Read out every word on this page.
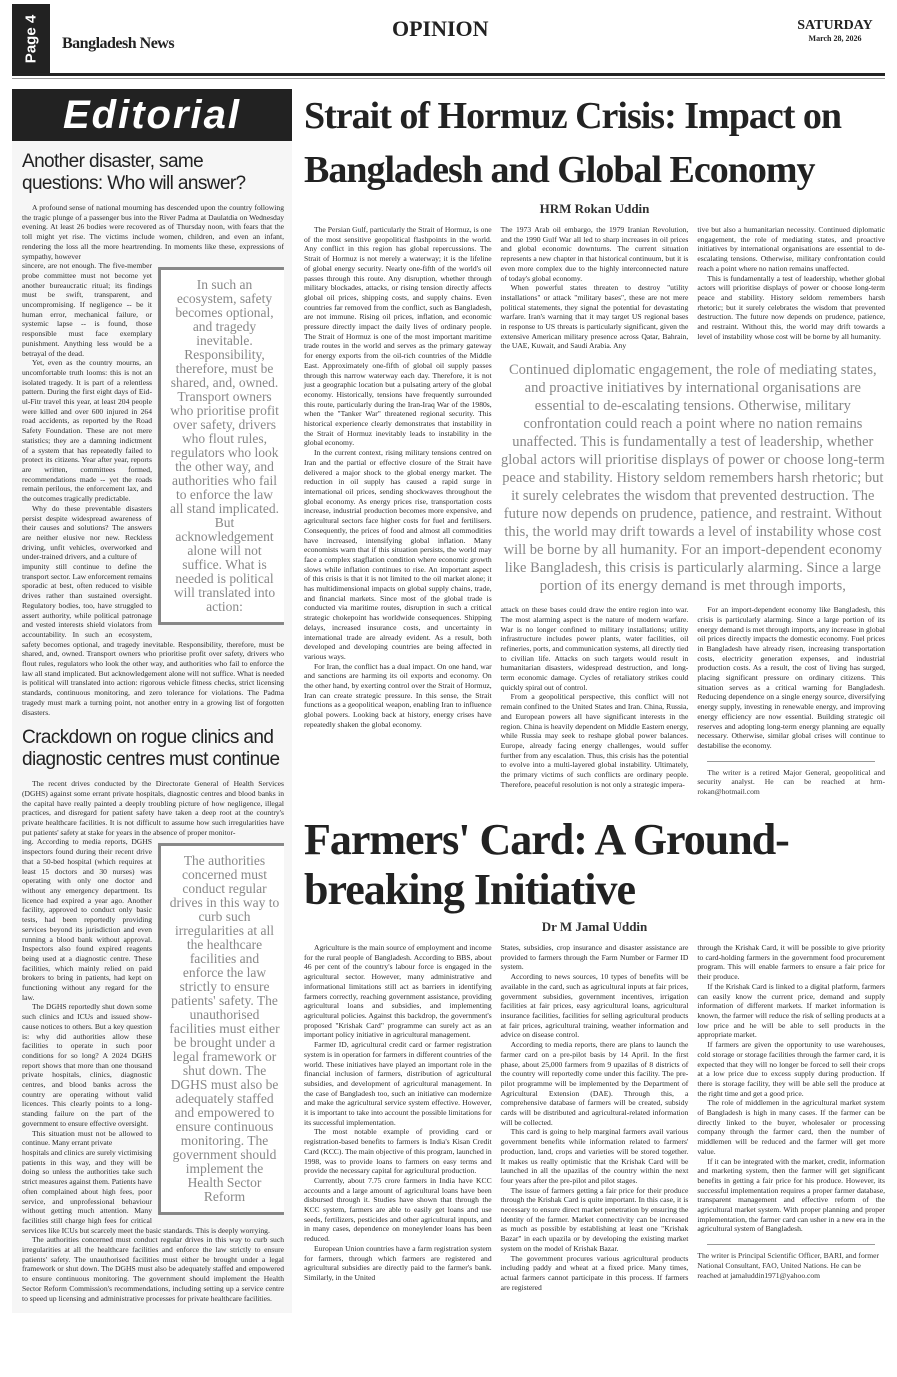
Page 4 Bangladesh News
OPINION	SATURDAY
March 28, 2026
Editorial
Another disaster, same questions: Who will answer?

A profound sense of national mourning has descended upon the country following the tragic plunge of a passenger bus into the River Padma at Daulatdia on Wednesday evening. At least 26 bodies were recovered as of Thursday noon, with fears that the toll might yet rise. The victims include women, children, and even an infant, rendering the loss all the more heartrending. In moments like these, expressions of sympathy, however

In such an ecosystem, safety becomes optional, and tragedy inevitable. Responsibility, therefore, must be shared, and, owned. Transport owners who prioritise profit over safety, drivers who flout rules, regulators who look the other way, and authorities who fail to enforce the law all stand implicated. But acknowledgement alone will not suffice. What is needed is political will translated into action:

sincere, are not enough. The five-member probe committee must not become yet another bureaucratic ritual; its findings must be swift, transparent, and uncompromising. If negligence -- be it human error, mechanical failure, or systemic lapse -- is found, those responsible must face exemplary punishment. Anything less would be a betrayal of the dead.

Yet, even as the country mourns, an uncomfortable truth looms: this is not an isolated tragedy. It is part of a relentless pattern. During the first eight days of Eid-ul-Fitr travel this year, at least 204 people were killed and over 600 injured in 264 road accidents, as reported by the Road Safety Foundation. These are not mere statistics; they are a damning indictment of a system that has repeatedly failed to protect its citizens. Year after year, reports are written, committees formed, recommendations made -- yet the roads remain perilous, the enforcement lax, and the outcomes tragically predictable.

Why do these preventable disasters persist despite widespread awareness of their causes and solutions? The answers are neither elusive nor new. Reckless driving, unfit vehicles, overworked and under-trained drivers, and a culture of

impunity still continue to define the transport sector. Law enforcement remains sporadic at best, often reduced to visible drives rather than sustained oversight. Regulatory bodies, too, have struggled to assert authority, while political patronage and vested interests shield violators from accountability. In such an ecosystem, safety becomes optional, and tragedy inevitable. Responsibility, therefore, must be shared, and, owned. Transport owners who prioritise profit over safety, drivers who flout rules, regulators who look the other way, and authorities who fail to enforce the law all stand implicated. But acknowledgement alone will not suffice. What is needed is political will translated into action: rigorous vehicle fitness checks, strict licensing standards, continuous monitoring, and zero tolerance for violations. The Padma tragedy must mark a turning point, not another entry in a growing list of forgotten disasters.

Crackdown on rogue clinics and diagnostic centres must continue

The recent drives conducted by the Directorate General of Health Services (DGHS) against some errant private hospitals, diagnostic centres and blood banks in the capital have really painted a deeply troubling picture of how negligence, illegal practices, and disregard for patient safety have taken a deep root at the country's private healthcare facilities. It is not difficult to assume how such irregularities have put patients' safety at stake for years in the absence of proper monitor-

The authorities concerned must conduct regular drives in this way to curb such irregularities at all the healthcare facilities and enforce the law strictly to ensure patients' safety. The unauthorised facilities must either be brought under a legal framework or shut down. The DGHS must also be adequately staffed and empowered to ensure continuous monitoring. The government should implement the Health Sector Reform

ing. According to media reports, DGHS inspectors found during their recent drive that a 50-bed hospital (which requires at least 15 doctors and 30 nurses) was operating with only one doctor and without any emergency department. Its licence had expired a year ago. Another facility, approved to conduct only basic tests, had been reportedly providing services beyond its jurisdiction and even running a blood bank without approval. Inspectors also found expired reagents being used at a diagnostic centre. These facilities, which mainly relied on paid brokers to bring in patients, had kept on functioning without any regard for the law.

The DGHS reportedly shut down some such clinics and ICUs and issued show-cause notices to others. But a key question is: why did authorities allow these facilities to operate in such poor conditions for so long? A 2024 DGHS report shows that more than one thousand private hospitals, clinics, diagnostic centres, and blood banks across the country are operating without valid licences. This clearly points to a long-standing failure on the part of the government to ensure effective oversight.

This situation must not be allowed to continue. Many errant private

hospitals and clinics are surely victimising patients in this way, and they will be doing so unless the authorities take such strict measures against them. Patients have often complained about high fees, poor service, and unprofessional behaviour without getting much attention. Many facilities still charge high fees for critical services like ICUs but scarcely meet the basic standards. This is deeply worrying.

The authorities concerned must conduct regular drives in this way to curb such irregularities at all the healthcare facilities and enforce the law strictly to ensure patients' safety. The unauthorised facilities must either be brought under a legal framework or shut down. The DGHS must also be adequately staffed and empowered to ensure continuous monitoring. The government should implement the Health Sector Reform Commission's recommendations, including setting up a service centre to speed up licensing and administrative processes for private healthcare facilities.

Strait of Hormuz Crisis: Impact on Bangladesh and Global Economy
HRM Rokan Uddin

The Persian Gulf, particularly the Strait of Hormuz, is one of the most sensitive geopolitical flashpoints in the world. Any conflict in this region has global repercussions. The Strait of Hormuz is not merely a waterway; it is the lifeline of global energy security. Nearly one-fifth of the world's oil passes through this route. Any disruption, whether through military blockades, attacks, or rising tension directly affects global oil prices, shipping costs, and supply chains. Even countries far removed from the conflict, such as Bangladesh, are not immune. Rising oil prices, inflation, and economic pressure directly impact the daily lives of ordinary people. The Strait of Hormuz is one of the most important maritime trade routes in the world and serves as the primary gateway for energy exports from the oil-rich countries of the Middle East. Approximately one-fifth of global oil supply passes through this narrow waterway each day. Therefore, it is not just a geographic location but a pulsating artery of the global economy. Historically, tensions have frequently surrounded this route, particularly during the Iran-Iraq War of the 1980s, when the "Tanker War" threatened regional security. This historical experience clearly demonstrates that instability in the Strait of Hormuz inevitably leads to instability in the global economy.

In the current context, rising military tensions centred on Iran and the partial or effective closure of the Strait have delivered a major shock to the global energy market. The reduction in oil supply has caused a rapid surge in international oil prices, sending shockwaves throughout the global economy. As energy prices rise, transportation costs increase, industrial production becomes more expensive, and agricultural sectors face higher costs for fuel and fertilisers. Consequently, the prices of food and almost all commodities have increased, intensifying global inflation. Many economists warn that if this situation persists, the world may face a complex stagflation condition where economic growth slows while inflation continues to rise. An important aspect of this crisis is that it is not limited to the oil market alone; it has multidimensional impacts on global supply chains, trade, and financial markets. Since most of the global trade is conducted via maritime routes, disruption in such a critical strategic chokepoint has worldwide consequences. Shipping delays, increased insurance costs, and uncertainty in international trade are already evident. As a result, both developed and developing countries are being affected in various ways.

For Iran, the conflict has a dual impact. On one hand, war and sanctions are harming its oil exports and economy. On the other hand, by exerting control over the Strait of Hormuz, Iran can create strategic pressure. In this sense, the Strait functions as a geopolitical weapon, enabling Iran to influence global powers. Looking back at history, energy crises have repeatedly shaken the global economy.

The 1973 Arab oil embargo, the 1979 Iranian Revolution, and the 1990 Gulf War all led to sharp increases in oil prices and global economic downturns. The current situation represents a new chapter in that historical continuum, but it is even more complex due to the highly interconnected nature of today's global economy.

When powerful states threaten to destroy "utility installations" or attack "military bases", these are not mere political statements, they signal the potential for devastating warfare. Iran's warning that it may target US regional bases in response to US threats is particularly significant, given the extensive American military presence across Qatar, Bahrain, the UAE, Kuwait, and Saudi Arabia. Any

tive but also a humanitarian necessity. Continued diplomatic engagement, the role of mediating states, and proactive initiatives by international organisations are essential to de-escalating tensions. Otherwise, military confrontation could reach a point where no nation remains unaffected.

This is fundamentally a test of leadership, whether global actors will prioritise displays of power or choose long-term peace and stability. History seldom remembers harsh rhetoric; but it surely celebrates the wisdom that prevented destruction. The future now depends on prudence, patience, and restraint. Without this, the world may drift towards a level of instability whose cost will be borne by all humanity.

Continued diplomatic engagement, the role of mediating states, and proactive initiatives by international organisations are essential to de-escalating tensions. Otherwise, military confrontation could reach a point where no nation remains unaffected. This is fundamentally a test of leadership, whether global actors will prioritise displays of power or choose long-term peace and stability. History seldom remembers harsh rhetoric; but it surely celebrates the wisdom that prevented destruction. The future now depends on prudence, patience, and restraint. Without this, the world may drift towards a level of instability whose cost will be borne by all humanity. For an import-dependent economy like Bangladesh, this crisis is particularly alarming. Since a large portion of its energy demand is met through imports,

attack on these bases could draw the entire region into war. The most alarming aspect is the nature of modern warfare. War is no longer confined to military installations; utility infrastructure includes power plants, water facilities, oil refineries, ports, and communication systems, all directly tied to civilian life. Attacks on such targets would result in humanitarian disasters, widespread destruction, and long-term economic damage. Cycles of retaliatory strikes could quickly spiral out of control.

From a geopolitical perspective, this conflict will not remain confined to the United States and Iran. China, Russia, and European powers all have significant interests in the region. China is heavily dependent on Middle Eastern energy, while Russia may seek to reshape global power balances. Europe, already facing energy challenges, would suffer further from any escalation. Thus, this crisis has the potential to evolve into a multi-layered global instability. Ultimately, the primary victims of such conflicts are ordinary people. Therefore, peaceful resolution is not only a strategic impera-

For an import-dependent economy like Bangladesh, this crisis is particularly alarming. Since a large portion of its energy demand is met through imports, any increase in global oil prices directly impacts the domestic economy. Fuel prices in Bangladesh have already risen, increasing transportation costs, electricity generation expenses, and industrial production costs. As a result, the cost of living has surged, placing significant pressure on ordinary citizens. This situation serves as a critical warning for Bangladesh. Reducing dependence on a single energy source, diversifying energy supply, investing in renewable energy, and improving energy efficiency are now essential. Building strategic oil reserves and adopting long-term energy planning are equally necessary. Otherwise, similar global crises will continue to destabilise the economy.

The writer is a retired Major General, geopolitical and security analyst. He can be reached at hrm-rokan@hotmail.com

Farmers' Card: A Ground-breaking Initiative
Dr M Jamal Uddin

Agriculture is the main source of employment and income for the rural people of Bangladesh. According to BBS, about 46 per cent of the country's labour force is engaged in the agricultural sector. However, many administrative and informational limitations still act as barriers in identifying farmers correctly, reaching government assistance, providing agricultural loans and subsidies, and implementing agricultural policies. Against this backdrop, the government's proposed "Krishak Card" programme can surely act as an important policy initiative in agricultural management.

Farmer ID, agricultural credit card or farmer registration system is in operation for farmers in different countries of the world. These initiatives have played an important role in the financial inclusion of farmers, distribution of agricultural subsidies, and development of agricultural management. In the case of Bangladesh too, such an initiative can modernize and make the agricultural service system effective. However, it is important to take into account the possible limitations for its successful implementation.

The most notable example of providing card or registration-based benefits to farmers is India's Kisan Credit Card (KCC). The main objective of this program, launched in 1998, was to provide loans to farmers on easy terms and provide the necessary capital for agricultural production.

Currently, about 7.75 crore farmers in India have KCC accounts and a large amount of agricultural loans have been disbursed through it. Studies have shown that through the KCC system, farmers are able to easily get loans and use seeds, fertilizers, pesticides and other agricultural inputs, and in many cases, dependence on moneylender loans has been reduced.

European Union countries have a farm registration system for farmers, through which farmers are registered and agricultural subsidies are directly paid to the farmer's bank. Similarly, in the United

States, subsidies, crop insurance and disaster assistance are provided to farmers through the Farm Number or Farmer ID system.

According to news sources, 10 types of benefits will be available in the card, such as agricultural inputs at fair prices, government subsidies, government incentives, irrigation facilities at fair prices, easy agricultural loans, agricultural insurance facilities, facilities for selling agricultural products at fair prices, agricultural training, weather information and advice on disease control.

According to media reports, there are plans to launch the farmer card on a pre-pilot basis by 14 April. In the first phase, about 25,000 farmers from 9 upazilas of 8 districts of the country will reportedly come under this facility. The pre-pilot programme will be implemented by the Department of Agricultural Extension (DAE). Through this, a comprehensive database of farmers will be created, subsidy cards will be distributed and agricultural-related information will be collected.

This card is going to help marginal farmers avail various government benefits while information related to farmers' production, land, crops and varieties will be stored together. It makes us really optimistic that the Krishak Card will be launched in all the upazilas of the country within the next four years after the pre-pilot and pilot stages.

The issue of farmers getting a fair price for their produce through the Krishak Card is quite important. In this case, it is necessary to ensure direct market penetration by ensuring the identity of the farmer. Market connectivity can be increased as much as possible by establishing at least one "Krishak Bazar" in each upazila or by developing the existing market system on the model of Krishak Bazar.

The government procures various agricultural products including paddy and wheat at a fixed price. Many times, actual farmers cannot participate in this process. If farmers are registered

through the Krishak Card, it will be possible to give priority to card-holding farmers in the government food procurement program. This will enable farmers to ensure a fair price for their produce.

If the Krishak Card is linked to a digital platform, farmers can easily know the current price, demand and supply information of different markets. If market information is known, the farmer will reduce the risk of selling products at a low price and he will be able to sell products in the appropriate market.

If farmers are given the opportunity to use warehouses, cold storage or storage facilities through the farmer card, it is expected that they will no longer be forced to sell their crops at a low price due to excess supply during production. If there is storage facility, they will be able sell the produce at the right time and get a good price.

The role of middlemen in the agricultural market system of Bangladesh is high in many cases. If the farmer can be directly linked to the buyer, wholesaler or processing company through the farmer card, then the number of middlemen will be reduced and the farmer will get more value.

If it can be integrated with the market, credit, information and marketing system, then the farmer will get significant benefits in getting a fair price for his produce. However, its successful implementation requires a proper farmer database, transparent management and effective reform of the agricultural market system. With proper planning and proper implementation, the farmer card can usher in a new era in the agricultural system of Bangladesh.

The writer is Principal Scientific Officer, BARI, and former National Consultant, FAO, United Nations. He can be reached at jamaluddin1971@yahoo.com
